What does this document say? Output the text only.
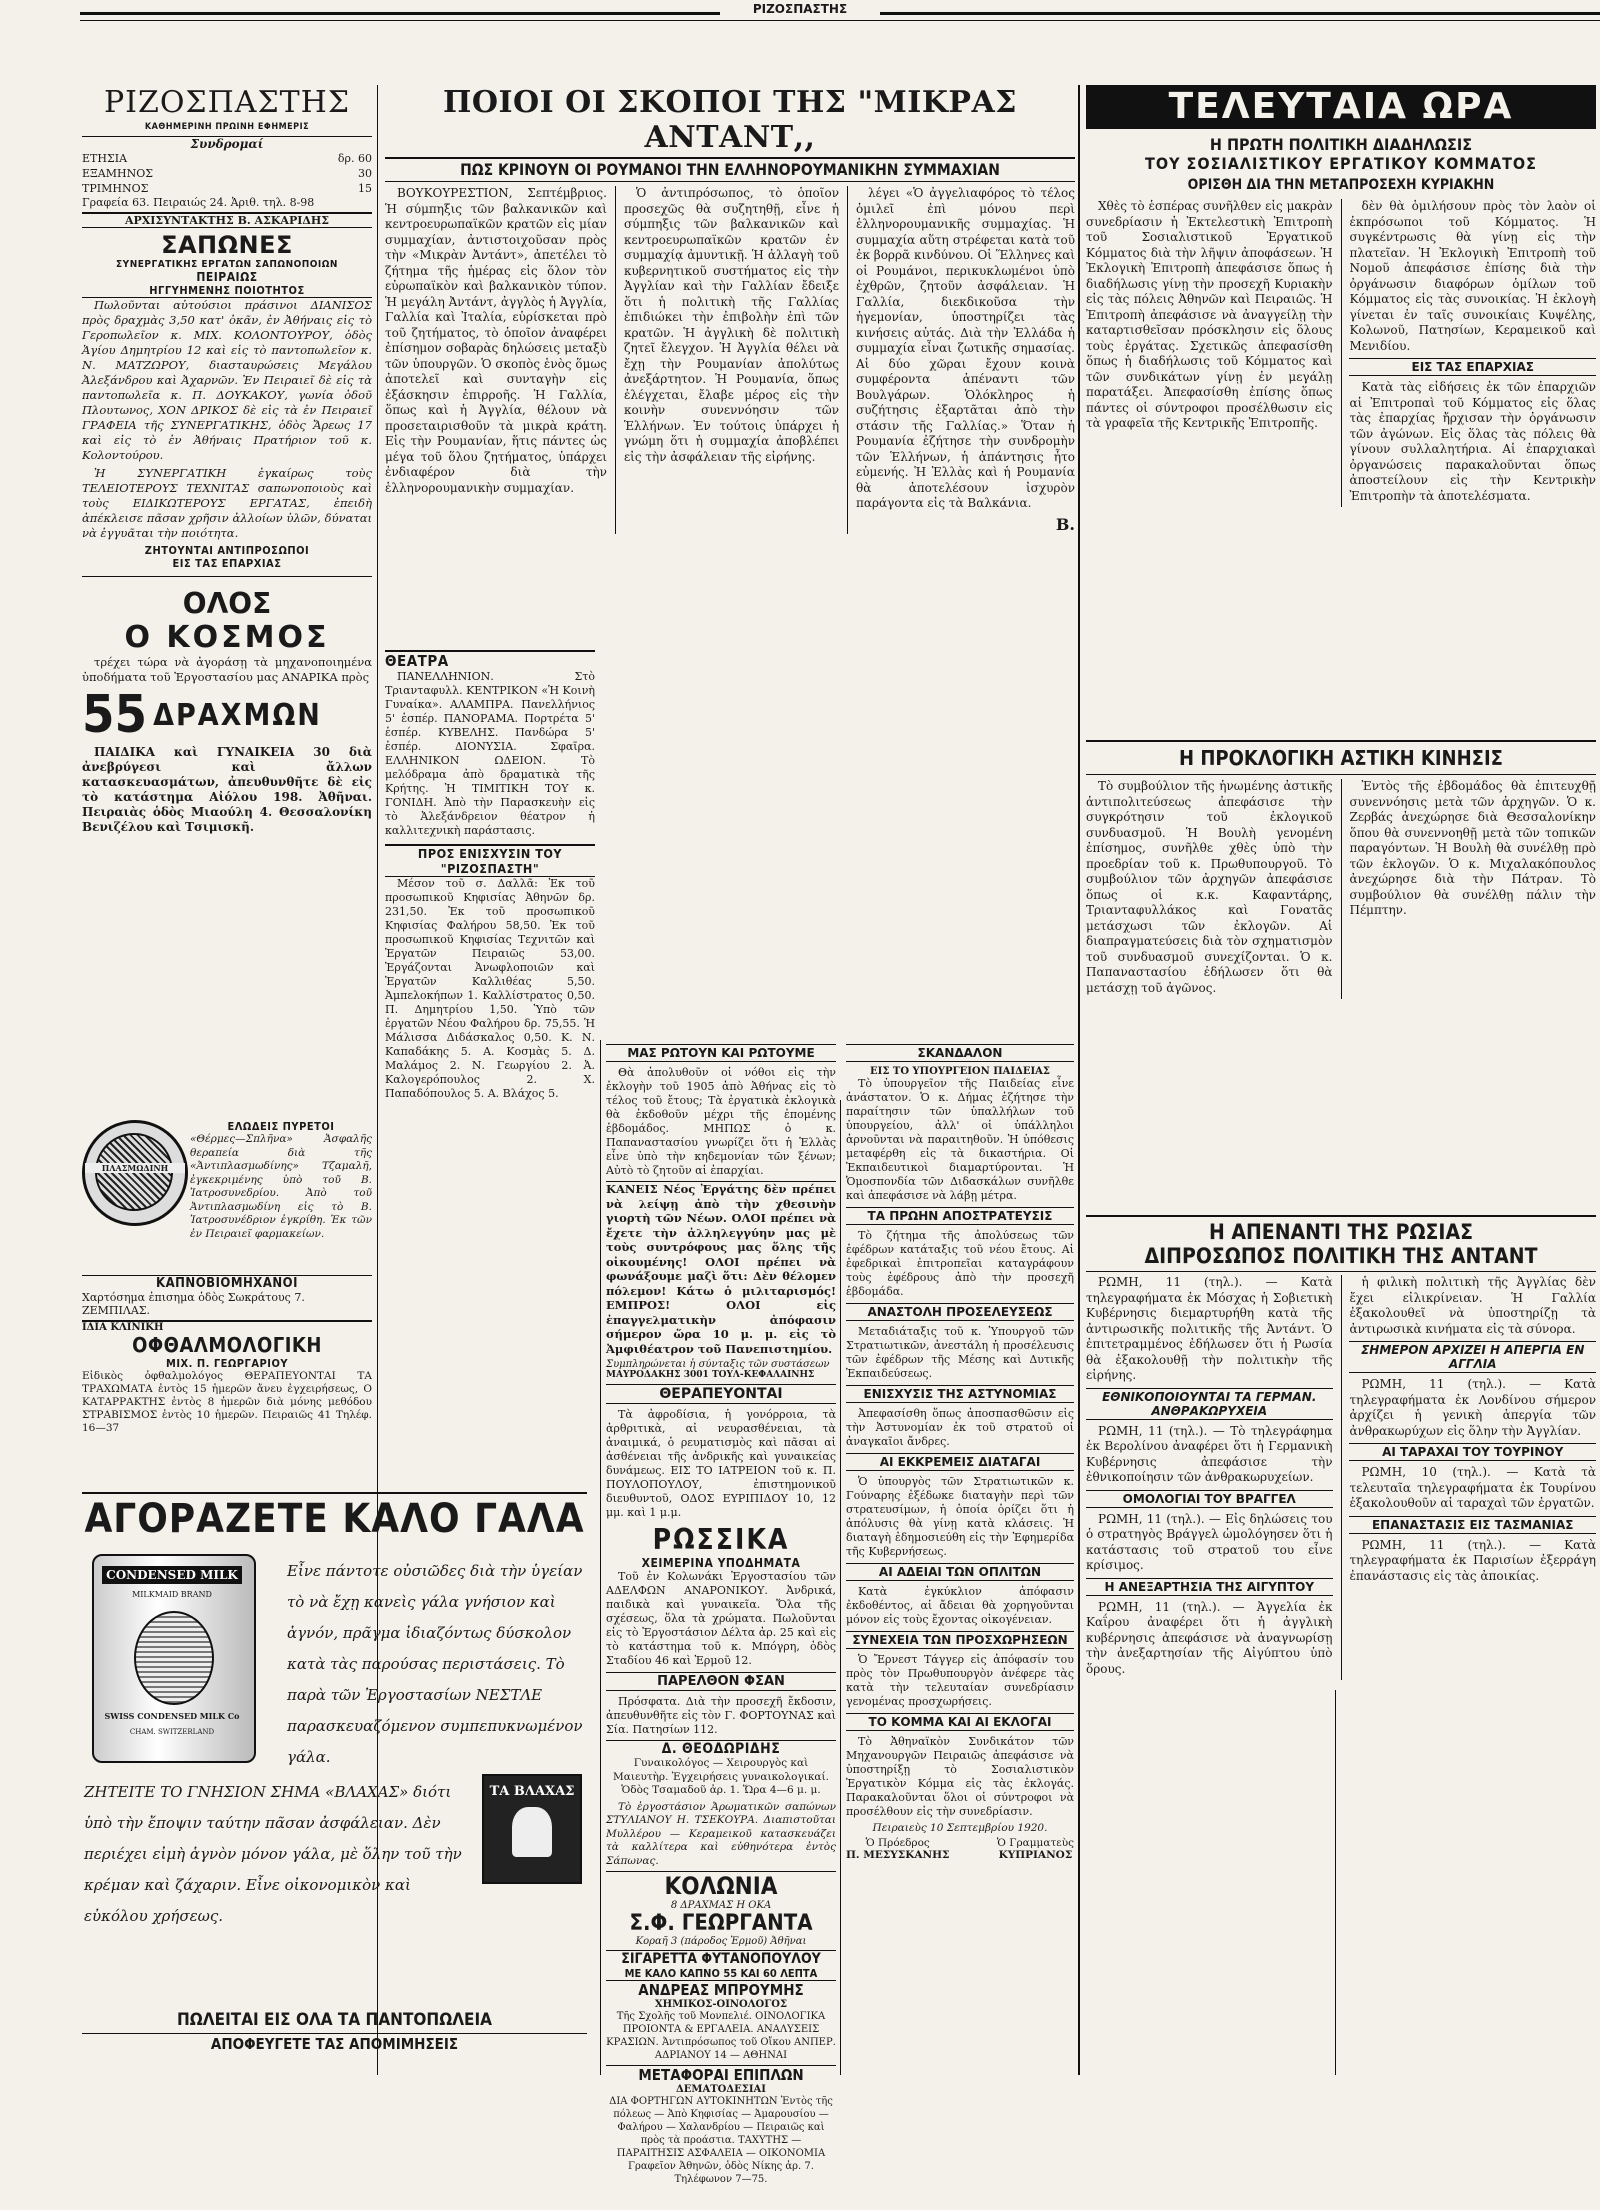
ΡΙΖΟΣΠΑΣΤΗΣ
ΡΙΖΟΣΠΑΣΤΗΣ
ΚΑΘΗΜΕΡΙΝΗ ΠΡΩΙΝΗ ΕΦΗΜΕΡΙΣ
Συνδρομαί
ΕΤΗΣΙΑ	δρ. 60
ΕΞΑΜΗΝΟΣ	30
ΤΡΙΜΗΝΟΣ	15
Γραφεία 63. Πειραιώς 24. Ἀριθ. τηλ. 8-98
ΑΡΧΙΣΥΝΤΑΚΤΗΣ Β. ΑΣΚΑΡΙΔΗΣ
ΣΑΠΩΝΕΣ
ΣΥΝΕΡΓΑΤΙΚΗΣ ΕΡΓΑΤΩΝ ΣΑΠΩΝΟΠΟΙΩΝ
ΠΕΙΡΑΙΩΣ
ΗΓΓΥΗΜΕΝΗΣ ΠΟΙΟΤΗΤΟΣ

Πωλοῦνται αὐτούσιοι πράσινοι ΔΙΑΝΙΣΟΣ πρὸς δραχμὰς 3,50 κατ' ὀκᾶν, ἐν Ἀθήναις εἰς τὸ Γεροπωλεῖον κ. ΜΙΧ. ΚΟΛΟΝΤΟΥΡΟΥ, ὁδὸς Ἁγίου Δημητρίου 12 καὶ εἰς τὸ παντοπωλεῖον κ. Ν. ΜΑΤΖΩΡΟΥ, διασταυρώσεις Μεγάλου Ἀλεξάνδρου καὶ Ἀχαρνῶν. Ἐν Πειραιεῖ δὲ εἰς τὰ παντοπωλεῖα κ. Π. ΔΟΥΚΑΚΟΥ, γωνία ὁδοῦ Πλουτωνος, ΧΟΝ ΔΡΙΚΟΣ δὲ εἰς τὰ ἐν Πειραιεῖ ΓΡΑΦΕΙΑ τῆς ΣΥΝΕΡΓΑΤΙΚΗΣ, ὁδὸς Ἄρεως 17 καὶ εἰς τὸ ἐν Ἀθήναις Πρατήριον τοῦ κ. Κολοντούρου.

Ἡ ΣΥΝΕΡΓΑΤΙΚΗ ἐγκαίρως τοὺς ΤΕΛΕΙΟΤΕΡΟΥΣ ΤΕΧΝΙΤΑΣ σαπωνοποιοὺς καὶ τοὺς ΕΙΔΙΚΩΤΕΡΟΥΣ ΕΡΓΑΤΑΣ, ἐπειδὴ ἀπέκλεισε πᾶσαν χρῆσιν ἀλλοίων ὑλῶν, δύναται νὰ ἐγγυᾶται τὴν ποιότητα.

ΖΗΤΟΥΝΤΑΙ ΑΝΤΙΠΡΟΣΩΠΟΙ
ΕΙΣ ΤΑΣ ΕΠΑΡΧΙΑΣ
ΟΛΟΣ
Ο ΚΟΣΜΟΣ

τρέχει τώρα νὰ ἀγοράσῃ τὰ μηχανοποιημένα ὑποδήματα τοῦ Ἐργοστασίου μας ΑΝΑΡΙΚΑ πρὸς

55 ΔΡΑΧΜΩΝ

ΠΑΙΔΙΚΑ καὶ ΓΥΝΑΙΚΕΙΑ 30 διὰ ἀνεβρύγεσι καὶ ἄλλων κατασκευασμάτων, ἀπευθυνθῆτε δὲ εἰς τὸ κατάστημα Αἰόλου 198. Ἀθῆναι. Πειραιὰς ὁδὸς Μιαούλη 4. Θεσσαλονίκη Βενιζέλου καὶ Τσιμισκῆ.

ΠΛΑΣΜΩΔΙΝΗ
ΕΛΩΔΕΙΣ ΠΥΡΕΤΟΙ

«Θέρμες—Σπλῆνα» Ἀσφαλῆς θεραπεία διὰ τῆς «Ἀντιπλασμωδίνης» Τζαμαλῆ, ἐγκεκριμένης ὑπὸ τοῦ Β. Ἰατροσυνεδρίου. Ἀπὸ τοῦ Ἀντιπλασμωδίνη εἰς τὸ Β. Ἰατροσυνέδριον ἐγκρίθη. Ἐκ τῶν ἐν Πειραιεῖ φαρμακείων.

ΚΑΠΝΟΒΙΟΜΗΧΑΝΟΙ
Χαρτόσημα ἐπισημα ὁδὸς Σωκράτους 7. ΖΕΜΠΙΛΑΣ.
ΙΔΙΑ ΚΛΙΝΙΚΗ
ΟΦΘΑΛΜΟΛΟΓΙΚΗ
ΜΙΧ. Π. ΓΕΩΡΓΑΡΙΟΥ

Εἰδικὸς ὀφθαλμολόγος ΘΕΡΑΠΕΥΟΝΤΑΙ ΤΑ ΤΡΑΧΩΜΑΤΑ ἐντὸς 15 ἡμερῶν ἄνευ ἐγχειρήσεως, Ο ΚΑΤΑΡΡΑΚΤΗΣ ἐντὸς 8 ἡμερῶν διὰ μόνης μεθόδου ΣΤΡΑΒΙΣΜΟΣ ἐντὸς 10 ἡμερῶν. Πειραιῶς 41 Τηλέφ. 16—37

ΑΓΟΡΑΖΕΤΕ ΚΑΛΟ ΓΑΛΑ
CONDENSED MILK
MILKMAID BRAND
SWISS CONDENSED MILK Co
CHAM. SWITZERLAND
Εἶνε πάντοτε οὐσιῶδες διὰ τὴν ὑγείαν τὸ νὰ ἔχῃ κανεὶς γάλα γνήσιον καὶ ἁγνόν, πρᾶγμα ἰδιαζόντως δύσκολον κατὰ τὰς παρούσας περιστάσεις. Τὸ παρὰ τῶν Ἐργοστασίων ΝΕΣΤΛΕ παρασκευαζόμενον συμπεπυκνωμένον γάλα.
ΖΗΤΕΙΤΕ ΤΟ ΓΝΗΣΙΟΝ ΣΗΜΑ «ΒΛΑΧΑΣ» διότι ὑπὸ τὴν ἔποψιν ταύτην πᾶσαν ἀσφάλειαν. Δὲν περιέχει εἰμὴ ἁγνὸν μόνον γάλα, μὲ ὅλην τοῦ τὴν κρέμαν καὶ ζάχαριν. Εἶνε οἰκονομικὸν καὶ εὐκόλου χρήσεως.
ΤΑ ΒΛΑΧΑΣ
ΠΩΛΕΙΤΑΙ ΕΙΣ ΟΛΑ ΤΑ ΠΑΝΤΟΠΩΛΕΙΑ
ΑΠΟΦΕΥΓΕΤΕ ΤΑΣ ΑΠΟΜΙΜΗΣΕΙΣ
ΠΟΙΟΙ ΟΙ ΣΚΟΠΟΙ ΤΗΣ "ΜΙΚΡΑΣ ΑΝΤΑΝΤ,,
ΠΩΣ ΚΡΙΝΟΥΝ ΟΙ ΡΟΥΜΑΝΟΙ ΤΗΝ ΕΛΛΗΝΟΡΟΥΜΑΝΙΚΗΝ ΣΥΜΜΑΧΙΑΝ

ΒΟΥΚΟΥΡΕΣΤΙΟΝ, Σεπτέμβριος. Ἡ σύμπηξις τῶν βαλκανικῶν καὶ κεντροευρωπαϊκῶν κρατῶν εἰς μίαν συμμαχίαν, ἀντιστοιχοῦσαν πρὸς τὴν «Μικρὰν Ἀντάντ», ἀπετέλει τὸ ζήτημα τῆς ἡμέρας εἰς ὅλον τὸν εὐρωπαϊκὸν καὶ βαλκανικὸν τύπον. Ἡ μεγάλη Ἀντάντ, ἀγγλὸς ἡ Ἀγγλία, Γαλλία καὶ Ἰταλία, εὑρίσκεται πρὸ τοῦ ζητήματος, τὸ ὁποῖον ἀναφέρει ἐπίσημον σοβαρὰς δηλώσεις μεταξὺ τῶν ὑπουργῶν. Ὁ σκοπὸς ἑνὸς ὅμως ἀποτελεῖ καὶ συνταγὴν εἰς ἐξάσκησιν ἐπιρροῆς. Ἡ Γαλλία, ὅπως καὶ ἡ Ἀγγλία, θέλουν νὰ προσεταιρισθοῦν τὰ μικρὰ κράτη. Εἰς τὴν Ρουμανίαν, ἥτις πάντες ὡς μέγα τοῦ ὅλου ζητήματος, ὑπάρχει ἐνδιαφέρον διὰ τὴν ἑλληνορουμανικὴν συμμαχίαν.

Ὁ ἀντιπρόσωπος, τὸ ὁποῖον προσεχῶς θὰ συζητηθῇ, εἶνε ἡ σύμπηξις τῶν βαλκανικῶν καὶ κεντροευρωπαϊκῶν κρατῶν ἐν συμμαχίᾳ ἀμυντικῇ. Ἡ ἀλλαγὴ τοῦ κυβερνητικοῦ συστήματος εἰς τὴν Ἀγγλίαν καὶ τὴν Γαλλίαν ἔδειξε ὅτι ἡ πολιτικὴ τῆς Γαλλίας ἐπιδιώκει τὴν ἐπιβολὴν ἐπὶ τῶν κρατῶν. Ἡ ἀγγλικὴ δὲ πολιτικὴ ζητεῖ ἔλεγχον. Ἡ Ἀγγλία θέλει νὰ ἔχῃ τὴν Ρουμανίαν ἀπολύτως ἀνεξάρτητον. Ἡ Ρουμανία, ὅπως ἐλέγχεται, ἔλαβε μέρος εἰς τὴν κοινὴν συνεννόησιν τῶν Ἑλλήνων. Ἐν τούτοις ὑπάρχει ἡ γνώμη ὅτι ἡ συμμαχία ἀποβλέπει εἰς τὴν ἀσφάλειαν τῆς εἰρήνης.

λέγει «Ὁ ἀγγελιαφόρος τὸ τέλος ὁμιλεῖ ἐπὶ μόνου περὶ ἑλληνορουμανικῆς συμμαχίας. Ἡ συμμαχία αὕτη στρέφεται κατὰ τοῦ ἐκ βορρᾶ κινδύνου. Οἱ Ἕλληνες καὶ οἱ Ρουμάνοι, περικυκλωμένοι ὑπὸ ἐχθρῶν, ζητοῦν ἀσφάλειαν. Ἡ Γαλλία, διεκδικοῦσα τὴν ἡγεμονίαν, ὑποστηρίζει τὰς κινήσεις αὐτάς. Διὰ τὴν Ἑλλάδα ἡ συμμαχία εἶναι ζωτικῆς σημασίας. Αἱ δύο χῶραι ἔχουν κοινὰ συμφέροντα ἀπέναντι τῶν Βουλγάρων. Ὁλόκληρος ἡ συζήτησις ἐξαρτᾶται ἀπὸ τὴν στάσιν τῆς Γαλλίας.» Ὅταν ἡ Ρουμανία ἐζήτησε τὴν συνδρομὴν τῶν Ἑλλήνων, ἡ ἀπάντησις ἦτο εὐμενής. Ἡ Ἑλλὰς καὶ ἡ Ρουμανία θὰ ἀποτελέσουν ἰσχυρὸν παράγοντα εἰς τὰ Βαλκάνια.

Β.
ΘΕΑΤΡΑ

ΠΑΝΕΛΛΗΝΙΟΝ. Στὸ Τριανταφυλλ. ΚΕΝΤΡΙΚΟΝ «Ἡ Κοινὴ Γυναίκα». ΑΛΑΜΠΡΑ. Πανελλήνιος 5' ἑσπέρ. ΠΑΝΟΡΑΜΑ. Πορτρέτα 5' ἑσπέρ. ΚΥΒΕΛΗΣ. Πανδώρα 5' ἑσπέρ. ΔΙΟΝΥΣΙΑ. Σφαῖρα. ΕΛΛΗΝΙΚΟΝ ΩΔΕΙΟΝ. Τὸ μελόδραμα ἀπὸ δραματικὰ τῆς Κρήτης. Ἡ ΤΙΜΙΤΙΚΗ ΤΟΥ κ. ΓΟΝΙΔΗ. Ἀπὸ τὴν Παρασκευὴν εἰς τὸ Ἀλεξάνδρειον θέατρον ἡ καλλιτεχνικὴ παράστασις.

ΠΡΟΣ ΕΝΙΣΧΥΣΙΝ ΤΟΥ "ΡΙΖΟΣΠΑΣΤΗ"

Μέσον τοῦ σ. Δαλλᾶ: Ἐκ τοῦ προσωπικοῦ Κηφισίας Ἀθηνῶν δρ. 231,50. Ἐκ τοῦ προσωπικοῦ Κηφισίας Φαλήρου 58,50. Ἐκ τοῦ προσωπικοῦ Κηφισίας Τεχνιτῶν καὶ Ἐργατῶν Πειραιῶς 53,00. Ἐργάζονται Ἀνωφλοποιῶν καὶ Ἐργατῶν Καλλιθέας 5,50. Ἀμπελοκήπων 1. Καλλίστρατος 0,50. Π. Δημητρίου 1,50. Ὑπὸ τῶν ἐργατῶν Νέου Φαλήρου δρ. 75,55. Ἡ Μάλισσα Διδάσκαλος 0,50. Κ. Ν. Καπαδάκης 5. Α. Κοσμὰς 5. Δ. Μαλάμος 2. Ν. Γεωργίου 2. Ἀ. Καλογερόπουλος 2. Χ. Παπαδόπουλος 5. Α. Βλάχος 5.

ΜΑΣ ΡΩΤΟΥΝ ΚΑΙ ΡΩΤΟΥΜΕ

Θὰ ἀπολυθοῦν οἱ νόθοι εἰς τὴν ἐκλογὴν τοῦ 1905 ἀπὸ Ἀθήνας εἰς τὸ τέλος τοῦ ἔτους; Τὰ ἐργατικὰ ἐκλογικὰ θὰ ἐκδοθοῦν μέχρι τῆς ἐπομένης ἑβδομάδος. ΜΗΠΩΣ ὁ κ. Παπαναστασίου γνωρίζει ὅτι ἡ Ἑλλὰς εἶνε ὑπὸ τὴν κηδεμονίαν τῶν ξένων; Αὐτὸ τὸ ζητοῦν αἱ ἐπαρχίαι.

ΚΑΝΕΙΣ Νέος Ἐργάτης δὲν πρέπει νὰ λείψῃ ἀπὸ τὴν χθεσινὴν γιορτὴ τῶν Νέων. ΟΛΟΙ πρέπει νὰ ἔχετε τὴν ἀλληλεγγύην μας μὲ τοὺς συντρόφους μας ὅλης τῆς οἰκουμένης! ΟΛΟΙ πρέπει νὰ φωνάξουμε μαζὶ ὅτι: Δὲν θέλομεν πόλεμον! Κάτω ὁ μιλιταρισμός! ΕΜΠΡΟΣ! ΟΛΟΙ εἰς ἐπαγγελματικὴν ἀπόφασιν σήμερον ὥρα 10 μ. μ. εἰς τὸ Ἀμφιθέατρον τοῦ Πανεπιστημίου.

Συμπληρώνεται ἡ σύνταξις τῶν συστάσεων
ΜΑΥΡΟΔΑΚΗΣ 3001 ΤΟΥΛ-ΚΕΦΑΛΑΙΝΗΣ
ΘΕΡΑΠΕΥΟΝΤΑΙ

Τὰ ἀφροδίσια, ἡ γονόρροια, τὰ ἀρθριτικὰ, αἱ νευρασθένειαι, τὰ ἀναιμικά, ὁ ρευματισμὸς καὶ πᾶσαι αἱ ἀσθένειαι τῆς ἀνδρικῆς καὶ γυναικείας δυνάμεως. ΕΙΣ ΤΟ ΙΑΤΡΕΙΟΝ τοῦ κ. Π. ΠΟΥΛΟΠΟΥΛΟΥ, ἐπιστημονικοῦ διευθυντοῦ, ΟΔΟΣ ΕΥΡΙΠΙΔΟΥ 10, 12 μμ. καὶ 1 μ.μ.

ΡΩΣΣΙΚΑ
ΧΕΙΜΕΡΙΝΑ ΥΠΟΔΗΜΑΤΑ

Τοῦ ἐν Κολωνάκι Ἐργοστασίου τῶν ΑΔΕΛΦΩΝ ΑΝΑΡΟΝΙΚΟΥ. Ἀνδρικά, παιδικὰ καὶ γυναικεῖα. Ὅλα τῆς σχέσεως, ὅλα τὰ χρώματα. Πωλοῦνται εἰς τὸ Ἐργοστάσιον Δέλτα ἀρ. 25 καὶ εἰς τὸ κατάστημα τοῦ κ. Μπόγρη, ὁδὸς Σταδίου 46 καὶ Ἑρμοῦ 12.

ΠΑΡΕΛΘΟΝ ΦΣΑΝ

Πρόσφατα. Διὰ τὴν προσεχῆ ἔκδοσιν, ἀπευθυνθῆτε εἰς τὸν Γ. ΦΟΡΤΟΥΝΑΣ καὶ Σία. Πατησίων 112.

Δ. ΘΕΟΔΩΡΙΔΗΣ

Γυναικολόγος — Χειρουργὸς καὶ Μαιευτὴρ. Ἐγχειρήσεις γυναικολογικαί. Ὁδὸς Τσαμαδοῦ ἀρ. 1. Ὥρα 4—6 μ. μ.

Τὸ ἐργοστάσιον Ἀρωματικῶν σαπώνων ΣΤΥΛΙΑΝΟΥ Η. ΤΣΕΚΟΥΡΑ. Διαπιστοῦται Μυλλέρου — Κεραμεικοῦ κατασκευάζει τὰ καλλίτερα καὶ εὐθηνότερα ἐντὸς Σάπωνας.

ΚΟΛΩΝΙΑ
8 ΔΡΑΧΜΑΣ Η ΟΚΑ
Σ.Φ. ΓΕΩΡΓΑΝΤΑ
Κοραῆ 3 (πάροδος Ἑρμοῦ) Ἀθῆναι
ΣΙΓΑΡΕΤΤΑ ΦΥΤΑΝΟΠΟΥΛΟΥ
ΜΕ ΚΑΛΟ ΚΑΠΝΟ 55 ΚΑΙ 60 ΛΕΠΤΑ
ΑΝΔΡΕΑΣ ΜΠΡΟΥΜΗΣ
ΧΗΜΙΚΟΣ-ΟΙΝΟΛΟΓΟΣ

Τῆς Σχολῆς τοῦ Μονπελιέ. ΟΙΝΟΛΟΓΙΚΑ ΠΡΟΙΟΝΤΑ & ΕΡΓΑΛΕΙΑ. ΑΝΑΛΥΣΕΙΣ ΚΡΑΣΙΩΝ. Ἀντιπρόσωπος τοῦ Οἴκου ΑΝΠΕΡ. ΑΔΡΙΑΝΟΥ 14 — ΑΘΗΝΑΙ

ΜΕΤΑΦΟΡΑΙ ΕΠΙΠΛΩΝ
ΔΕΜΑΤΟΔΕΣΙΑΙ

ΔΙΑ ΦΟΡΤΗΓΩΝ ΑΥΤΟΚΙΝΗΤΩΝ Ἐντὸς τῆς πόλεως — Ἀπὸ Κηφισίας — Ἀμαρουσίου — Φαλήρου — Χαλανδρίου — Πειραιῶς καὶ πρὸς τὰ προάστια. ΤΑΧΥΤΗΣ — ΠΑΡΑΙΤΗΣΙΣ ΑΣΦΑΛΕΙΑ — ΟΙΚΟΝΟΜΙΑ Γραφεῖον Ἀθηνῶν, ὁδὸς Νίκης ἀρ. 7. Τηλέφωνον 7—75.

ΣΚΑΝΔΑΛΟΝ
ΕΙΣ ΤΟ ΥΠΟΥΡΓΕΙΟΝ ΠΑΙΔΕΙΑΣ

Τὸ ὑπουργεῖον τῆς Παιδείας εἶνε ἀνάστατον. Ὁ κ. Δήμας ἐζήτησε τὴν παραίτησιν τῶν ὑπαλλήλων τοῦ ὑπουργείου, ἀλλ' οἱ ὑπάλληλοι ἀρνοῦνται νὰ παραιτηθοῦν. Ἡ ὑπόθεσις μεταφέρθη εἰς τὰ δικαστήρια. Οἱ Ἐκπαιδευτικοὶ διαμαρτύρονται. Ἡ Ὁμοσπονδία τῶν Διδασκάλων συνῆλθε καὶ ἀπεφάσισε νὰ λάβῃ μέτρα.

ΤΑ ΠΡΩΗΝ ΑΠΟΣΤΡΑΤΕΥΣΙΣ

Τὸ ζήτημα τῆς ἀπολύσεως τῶν ἐφέδρων κατάταξις τοῦ νέου ἔτους. Αἱ ἐφεδρικαὶ ἐπιτροπεῖαι καταγράφουν τοὺς ἐφέδρους ἀπὸ τὴν προσεχῆ ἑβδομάδα.

ΑΝΑΣΤΟΛΗ ΠΡΟΣΕΛΕΥΣΕΩΣ

Μεταδιάταξις τοῦ κ. Ὑπουργοῦ τῶν Στρατιωτικῶν, ἀνεστάλη ἡ προσέλευσις τῶν ἐφέδρων τῆς Μέσης καὶ Δυτικῆς Ἐκπαιδεύσεως.

ΕΝΙΣΧΥΣΙΣ ΤΗΣ ΑΣΤΥΝΟΜΙΑΣ

Ἀπεφασίσθη ὅπως ἀποσπασθῶσιν εἰς τὴν Ἀστυνομίαν ἐκ τοῦ στρατοῦ οἱ ἀναγκαῖοι ἄνδρες.

ΑΙ ΕΚΚΡΕΜΕΙΣ ΔΙΑΤΑΓΑΙ

Ὁ ὑπουργὸς τῶν Στρατιωτικῶν κ. Γούναρης ἐξέδωκε διαταγὴν περὶ τῶν στρατευσίμων, ἡ ὁποία ὁρίζει ὅτι ἡ ἀπόλυσις θὰ γίνῃ κατὰ κλάσεις. Ἡ διαταγὴ ἐδημοσιεύθη εἰς τὴν Ἐφημερίδα τῆς Κυβερνήσεως.

ΑΙ ΑΔΕΙΑΙ ΤΩΝ ΟΠΛΙΤΩΝ

Κατὰ ἐγκύκλιον ἀπόφασιν ἐκδοθέντος, αἱ ἄδειαι θὰ χορηγοῦνται μόνον εἰς τοὺς ἔχοντας οἰκογένειαν.

ΣΥΝΕΧΕΙΑ ΤΩΝ ΠΡΟΣΧΩΡΗΣΕΩΝ

Ὁ Ἔρνεστ Τάγγερ εἰς ἀπόφασίν του πρὸς τὸν Πρωθυπουργὸν ἀνέφερε τὰς κατὰ τὴν τελευταίαν συνεδρίασιν γενομένας προσχωρήσεις.

ΤΟ ΚΟΜΜΑ ΚΑΙ ΑΙ ΕΚΛΟΓΑΙ

Τὸ Ἀθηναϊκὸν Συνδικάτον τῶν Μηχανουργῶν Πειραιῶς ἀπεφάσισε νὰ ὑποστηρίξῃ τὸ Σοσιαλιστικὸν Ἐργατικὸν Κόμμα εἰς τὰς ἐκλογάς. Παρακαλοῦνται ὅλοι οἱ σύντροφοι νὰ προσέλθουν εἰς τὴν συνεδρίασιν.

Πειραιεὺς 10 Σεπτεμβρίου 1920.
Ὁ Πρόεδρος
Π. ΜΕΣΥΣΚΑΝΗΣ
Ὁ Γραμματεὺς
ΚΥΠΡΙΑΝΟΣ
ΤΕΛΕΥΤΑΙΑ ΩΡΑ
Η ΠΡΩΤΗ ΠΟΛΙΤΙΚΗ ΔΙΑΔΗΛΩΣΙΣ
ΤΟΥ ΣΟΣΙΑΛΙΣΤΙΚΟΥ ΕΡΓΑΤΙΚΟΥ ΚΟΜΜΑΤΟΣ
ΟΡΙΣΘΗ ΔΙΑ ΤΗΝ ΜΕΤΑΠΡΟΣΕΧΗ ΚΥΡΙΑΚΗΝ

Χθὲς τὸ ἑσπέρας συνῆλθεν εἰς μακρὰν συνεδρίασιν ἡ Ἐκτελεστικὴ Ἐπιτροπὴ τοῦ Σοσιαλιστικοῦ Ἐργατικοῦ Κόμματος διὰ τὴν λῆψιν ἀποφάσεων. Ἡ Ἐκλογικὴ Ἐπιτροπὴ ἀπεφάσισε ὅπως ἡ διαδήλωσις γίνῃ τὴν προσεχῆ Κυριακὴν εἰς τὰς πόλεις Ἀθηνῶν καὶ Πειραιῶς. Ἡ Ἐπιτροπὴ ἀπεφάσισε νὰ ἀναγγείλῃ τὴν καταρτισθεῖσαν πρόσκλησιν εἰς ὅλους τοὺς ἐργάτας. Σχετικῶς ἀπεφασίσθη ὅπως ἡ διαδήλωσις τοῦ Κόμματος καὶ τῶν συνδικάτων γίνῃ ἐν μεγάλῃ παρατάξει. Ἀπεφασίσθη ἐπίσης ὅπως πάντες οἱ σύντροφοι προσέλθωσιν εἰς τὰ γραφεῖα τῆς Κεντρικῆς Ἐπιτροπῆς.

δὲν θὰ ὁμιλήσουν πρὸς τὸν λαὸν οἱ ἐκπρόσωποι τοῦ Κόμματος. Ἡ συγκέντρωσις θὰ γίνῃ εἰς τὴν πλατεῖαν. Ἡ Ἐκλογικὴ Ἐπιτροπὴ τοῦ Νομοῦ ἀπεφάσισε ἐπίσης διὰ τὴν ὀργάνωσιν διαφόρων ὁμίλων τοῦ Κόμματος εἰς τὰς συνοικίας. Ἡ ἐκλογὴ γίνεται ἐν ταῖς συνοικίαις Κυψέλης, Κολωνοῦ, Πατησίων, Κεραμεικοῦ καὶ Μενιδίου.

ΕΙΣ ΤΑΣ ΕΠΑΡΧΙΑΣ

Κατὰ τὰς εἰδήσεις ἐκ τῶν ἐπαρχιῶν αἱ Ἐπιτροπαὶ τοῦ Κόμματος εἰς ὅλας τὰς ἐπαρχίας ἤρχισαν τὴν ὀργάνωσιν τῶν ἀγώνων. Εἰς ὅλας τὰς πόλεις θὰ γίνουν συλλαλητήρια. Αἱ ἐπαρχιακαὶ ὀργανώσεις παρακαλοῦνται ὅπως ἀποστείλουν εἰς τὴν Κεντρικὴν Ἐπιτροπὴν τὰ ἀποτελέσματα.

Η ΠΡΟΚΛΟΓΙΚΗ ΑΣΤΙΚΗ ΚΙΝΗΣΙΣ

Τὸ συμβούλιον τῆς ἡνωμένης ἀστικῆς ἀντιπολιτεύσεως ἀπεφάσισε τὴν συγκρότησιν τοῦ ἐκλογικοῦ συνδυασμοῦ. Ἡ Βουλὴ γενομένη ἐπίσημος, συνῆλθε χθὲς ὑπὸ τὴν προεδρίαν τοῦ κ. Πρωθυπουργοῦ. Τὸ συμβούλιον τῶν ἀρχηγῶν ἀπεφάσισε ὅπως οἱ κ.κ. Καφαντάρης, Τριανταφυλλάκος καὶ Γονατᾶς μετάσχωσι τῶν ἐκλογῶν. Αἱ διαπραγματεύσεις διὰ τὸν σχηματισμὸν τοῦ συνδυασμοῦ συνεχίζονται. Ὁ κ. Παπαναστασίου ἐδήλωσεν ὅτι θὰ μετάσχῃ τοῦ ἀγῶνος.

Ἐντὸς τῆς ἑβδομάδος θὰ ἐπιτευχθῇ συνεννόησις μετὰ τῶν ἀρχηγῶν. Ὁ κ. Ζερβάς ἀνεχώρησε διὰ Θεσσαλονίκην ὅπου θὰ συνεννοηθῇ μετὰ τῶν τοπικῶν παραγόντων. Ἡ Βουλὴ θὰ συνέλθῃ πρὸ τῶν ἐκλογῶν. Ὁ κ. Μιχαλακόπουλος ἀνεχώρησε διὰ τὴν Πάτραν. Τὸ συμβούλιον θὰ συνέλθῃ πάλιν τὴν Πέμπτην.

Η ΑΠΕΝΑΝΤΙ ΤΗΣ ΡΩΣΙΑΣ
ΔΙΠΡΟΣΩΠΟΣ ΠΟΛΙΤΙΚΗ ΤΗΣ ΑΝΤΑΝΤ

ΡΩΜΗ, 11 (τηλ.). — Κατὰ τηλεγραφήματα ἐκ Μόσχας ἡ Σοβιετικὴ Κυβέρνησις διεμαρτυρήθη κατὰ τῆς ἀντιρωσικῆς πολιτικῆς τῆς Ἀντάντ. Ὁ ἐπιτετραμμένος ἐδήλωσεν ὅτι ἡ Ρωσία θὰ ἐξακολουθῇ τὴν πολιτικὴν τῆς εἰρήνης.

ΕΘΝΙΚΟΠΟΙΟΥΝΤΑΙ ΤΑ ΓΕΡΜΑΝ. ΑΝΘΡΑΚΩΡΥΧΕΙΑ

ΡΩΜΗ, 11 (τηλ.). — Τὸ τηλεγράφημα ἐκ Βερολίνου ἀναφέρει ὅτι ἡ Γερμανικὴ Κυβέρνησις ἀπεφάσισε τὴν ἐθνικοποίησιν τῶν ἀνθρακωρυχείων.

ΟΜΟΛΟΓΙΑΙ ΤΟΥ ΒΡΑΓΓΕΛ

ΡΩΜΗ, 11 (τηλ.). — Εἰς δηλώσεις του ὁ στρατηγὸς Βράγγελ ὡμολόγησεν ὅτι ἡ κατάστασις τοῦ στρατοῦ του εἶνε κρίσιμος.

Η ΑΝΕΞΑΡΤΗΣΙΑ ΤΗΣ ΑΙΓΥΠΤΟΥ

ΡΩΜΗ, 11 (τηλ.). — Ἀγγελία ἐκ Καΐρου ἀναφέρει ὅτι ἡ ἀγγλικὴ κυβέρνησις ἀπεφάσισε νὰ ἀναγνωρίσῃ τὴν ἀνεξαρτησίαν τῆς Αἰγύπτου ὑπὸ ὅρους.

ἡ φιλικὴ πολιτικὴ τῆς Ἀγγλίας δὲν ἔχει εἰλικρίνειαν. Ἡ Γαλλία ἐξακολουθεῖ νὰ ὑποστηρίζῃ τὰ ἀντιρωσικὰ κινήματα εἰς τὰ σύνορα.

ΣΗΜΕΡΟΝ ΑΡΧΙΖΕΙ Η ΑΠΕΡΓΙΑ ΕΝ ΑΓΓΛΙΑ

ΡΩΜΗ, 11 (τηλ.). — Κατὰ τηλεγραφήματα ἐκ Λονδίνου σήμερον ἀρχίζει ἡ γενικὴ ἀπεργία τῶν ἀνθρακωρύχων εἰς ὅλην τὴν Ἀγγλίαν.

ΑΙ ΤΑΡΑΧΑΙ ΤΟΥ ΤΟΥΡΙΝΟΥ

ΡΩΜΗ, 10 (τηλ.). — Κατὰ τὰ τελευταῖα τηλεγραφήματα ἐκ Τουρίνου ἐξακολουθοῦν αἱ ταραχαὶ τῶν ἐργατῶν.

ΕΠΑΝΑΣΤΑΣΙΣ ΕΙΣ ΤΑΣΜΑΝΙΑΣ

ΡΩΜΗ, 11 (τηλ.). — Κατὰ τηλεγραφήματα ἐκ Παρισίων ἐξερράγη ἐπανάστασις εἰς τὰς ἀποικίας.
